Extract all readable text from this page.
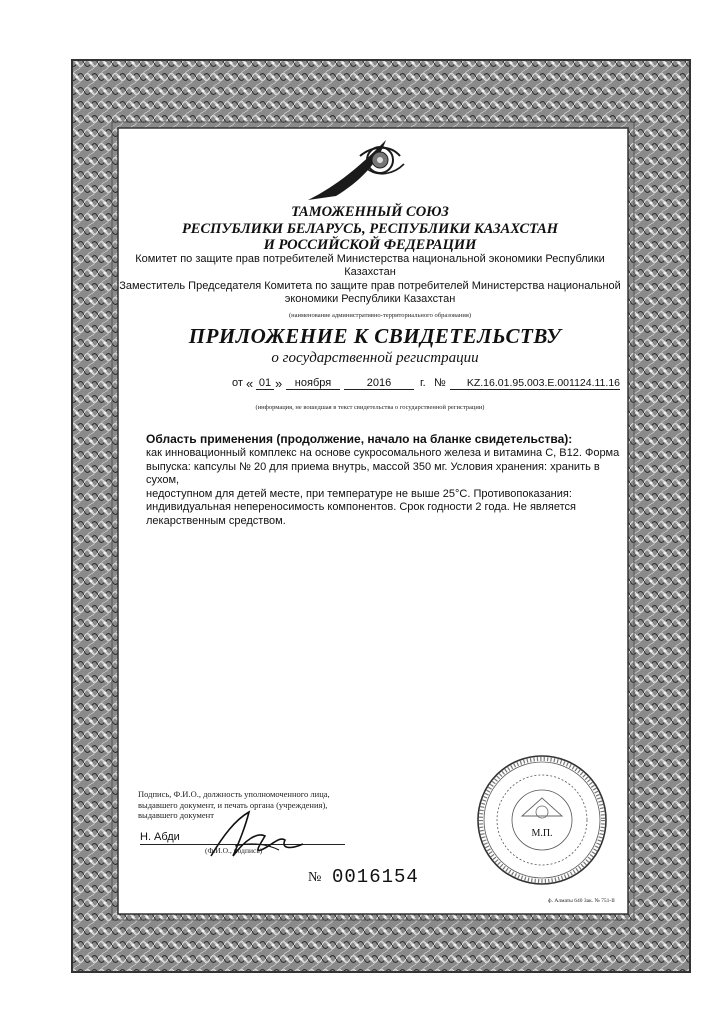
ТАМОЖЕННЫЙ СОЮЗ
РЕСПУБЛИКИ БЕЛАРУСЬ, РЕСПУБЛИКИ КАЗАХСТАН
И РОССИЙСКОЙ ФЕДЕРАЦИИ
Комитет по защите прав потребителей Министерства национальной экономики Республики
Казахстан
Заместитель Председателя Комитета по защите прав потребителей Министерства национальной
экономики Республики Казахстан
(наименование административно-территориального образования)
ПРИЛОЖЕНИЕ К СВИДЕТЕЛЬСТВУ
о государственной регистрации
от « 01 »	ноября	2016	г. №	KZ.16.01.95.003.E.001124.11.16
(информация, не вошедшая в текст свидетельства о государственной регистрации)
Область применения (продолжение, начало на бланке свидетельства):
как инновационный комплекс на основе сукросомального железа и витамина С, В12. Форма
выпуска: капсулы № 20 для приема внутрь, массой 350 мг. Условия хранения: хранить в сухом,
недоступном для детей месте, при температуре не выше 25°С. Противопоказания:
индивидуальная непереносимость компонентов. Срок годности 2 года. Не является
лекарственным средством.
Подпись, Ф.И.О., должность уполномоченного лица,
выдавшего документ, и печать органа (учреждения),
выдавшего документ
Н. Абди
(Ф.И.О., подпись)
М.П.
№ 0016154
ф. Алматы 640 Зак. № 751-II
